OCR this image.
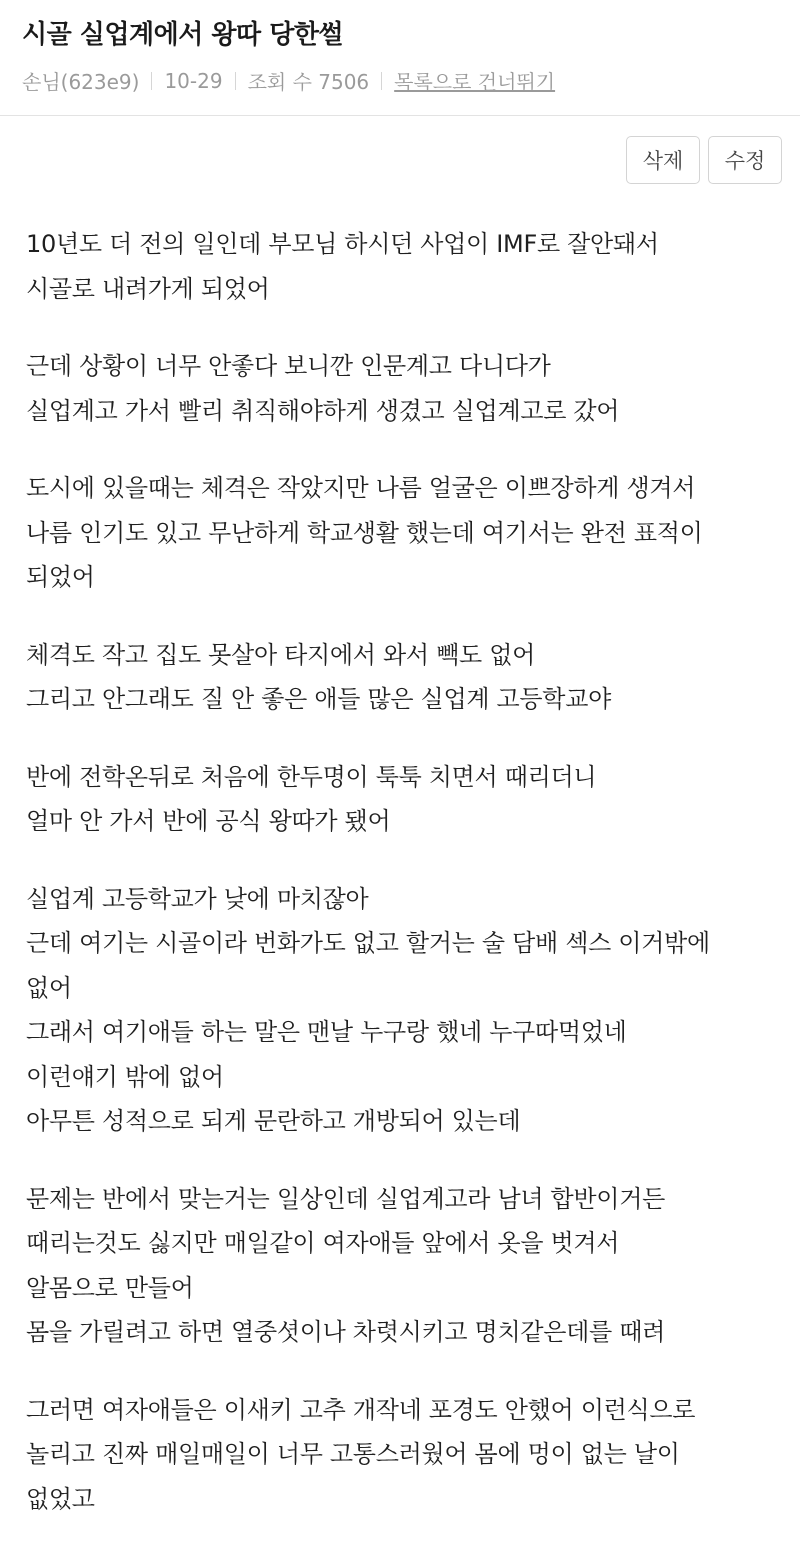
시골 실업계에서 왕따 당한썰
손님(623e9) 10-29 조회 수 7506 목록으로 건너뛰기
삭제	수정
10년도 더 전의 일인데 부모님 하시던 사업이 IMF로 잘안돼서
시골로 내려가게 되었어
근데 상황이 너무 안좋다 보니깐 인문계고 다니다가
실업계고 가서 빨리 취직해야하게 생겼고 실업계고로 갔어
도시에 있을때는 체격은 작았지만 나름 얼굴은 이쁘장하게 생겨서
나름 인기도 있고 무난하게 학교생활 했는데 여기서는 완전 표적이
되었어
체격도 작고 집도 못살아 타지에서 와서 빽도 없어
그리고 안그래도 질 안 좋은 애들 많은 실업계 고등학교야
반에 전학온뒤로 처음에 한두명이 툭툭 치면서 때리더니
얼마 안 가서 반에 공식 왕따가 됐어
실업계 고등학교가 낮에 마치잖아
근데 여기는 시골이라 번화가도 없고 할거는 술 담배 섹스 이거밖에
없어
그래서 여기애들 하는 말은 맨날 누구랑 했네 누구따먹었네
이런얘기 밖에 없어
아무튼 성적으로 되게 문란하고 개방되어 있는데
문제는 반에서 맞는거는 일상인데 실업계고라 남녀 합반이거든
때리는것도 싫지만 매일같이 여자애들 앞에서 옷을 벗겨서
알몸으로 만들어
몸을 가릴려고 하면 열중셧이나 차렷시키고 명치같은데를 때려
그러면 여자애들은 이새키 고추 개작네 포경도 안했어 이런식으로
놀리고 진짜 매일매일이 너무 고통스러웠어 몸에 멍이 없는 날이
없었고
